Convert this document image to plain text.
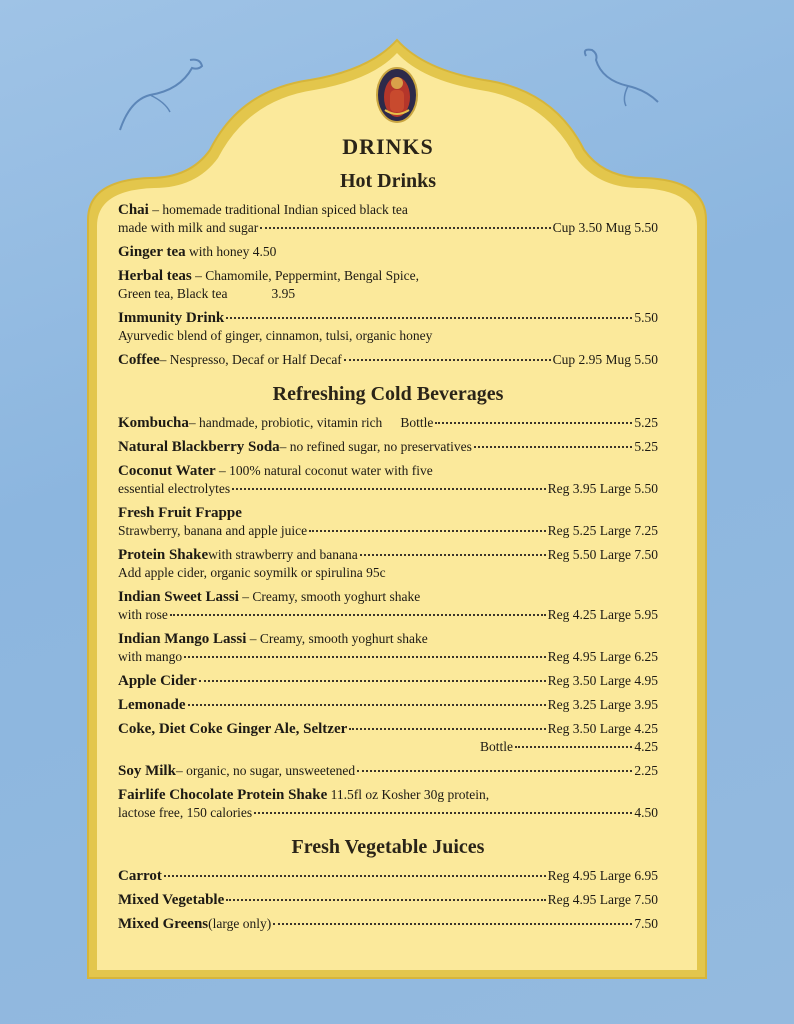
DRINKS
Hot Drinks
Chai – homemade traditional Indian spiced black tea
made with milk and sugar	Cup 3.50 Mug 5.50
Ginger tea with honey 4.50
Herbal teas – Chamomile, Peppermint, Bengal Spice,
Green tea, Black tea	3.95
Immunity Drink	5.50
Ayurvedic blend of ginger, cinnamon, tulsi, organic honey
Coffee – Nespresso, Decaf or Half Decaf	Cup 2.95 Mug 5.50
Refreshing Cold Beverages
Kombucha – handmade, probiotic, vitamin rich Bottle	5.25
Natural Blackberry Soda – no refined sugar, no preservatives	5.25
Coconut Water – 100% natural coconut water with five
essential electrolytes	Reg 3.95 Large 5.50
Fresh Fruit Frappe
Strawberry, banana and apple juice	Reg 5.25 Large 7.25
Protein Shake with strawberry and banana	Reg 5.50 Large 7.50
Add apple cider, organic soymilk or spirulina 95c
Indian Sweet Lassi – Creamy, smooth yoghurt shake
with rose	Reg 4.25 Large 5.95
Indian Mango Lassi – Creamy, smooth yoghurt shake
with mango	Reg 4.95 Large 6.25
Apple Cider	Reg 3.50 Large 4.95
Lemonade	Reg 3.25 Large 3.95
Coke, Diet Coke Ginger Ale, Seltzer	Reg 3.50 Large 4.25
Bottle	4.25
Soy Milk – organic, no sugar, unsweetened	2.25
Fairlife Chocolate Protein Shake 11.5fl oz Kosher 30g protein,
lactose free, 150 calories	4.50
Fresh Vegetable Juices
Carrot	Reg 4.95 Large 6.95
Mixed Vegetable	Reg 4.95 Large 7.50
Mixed Greens (large only)	7.50
